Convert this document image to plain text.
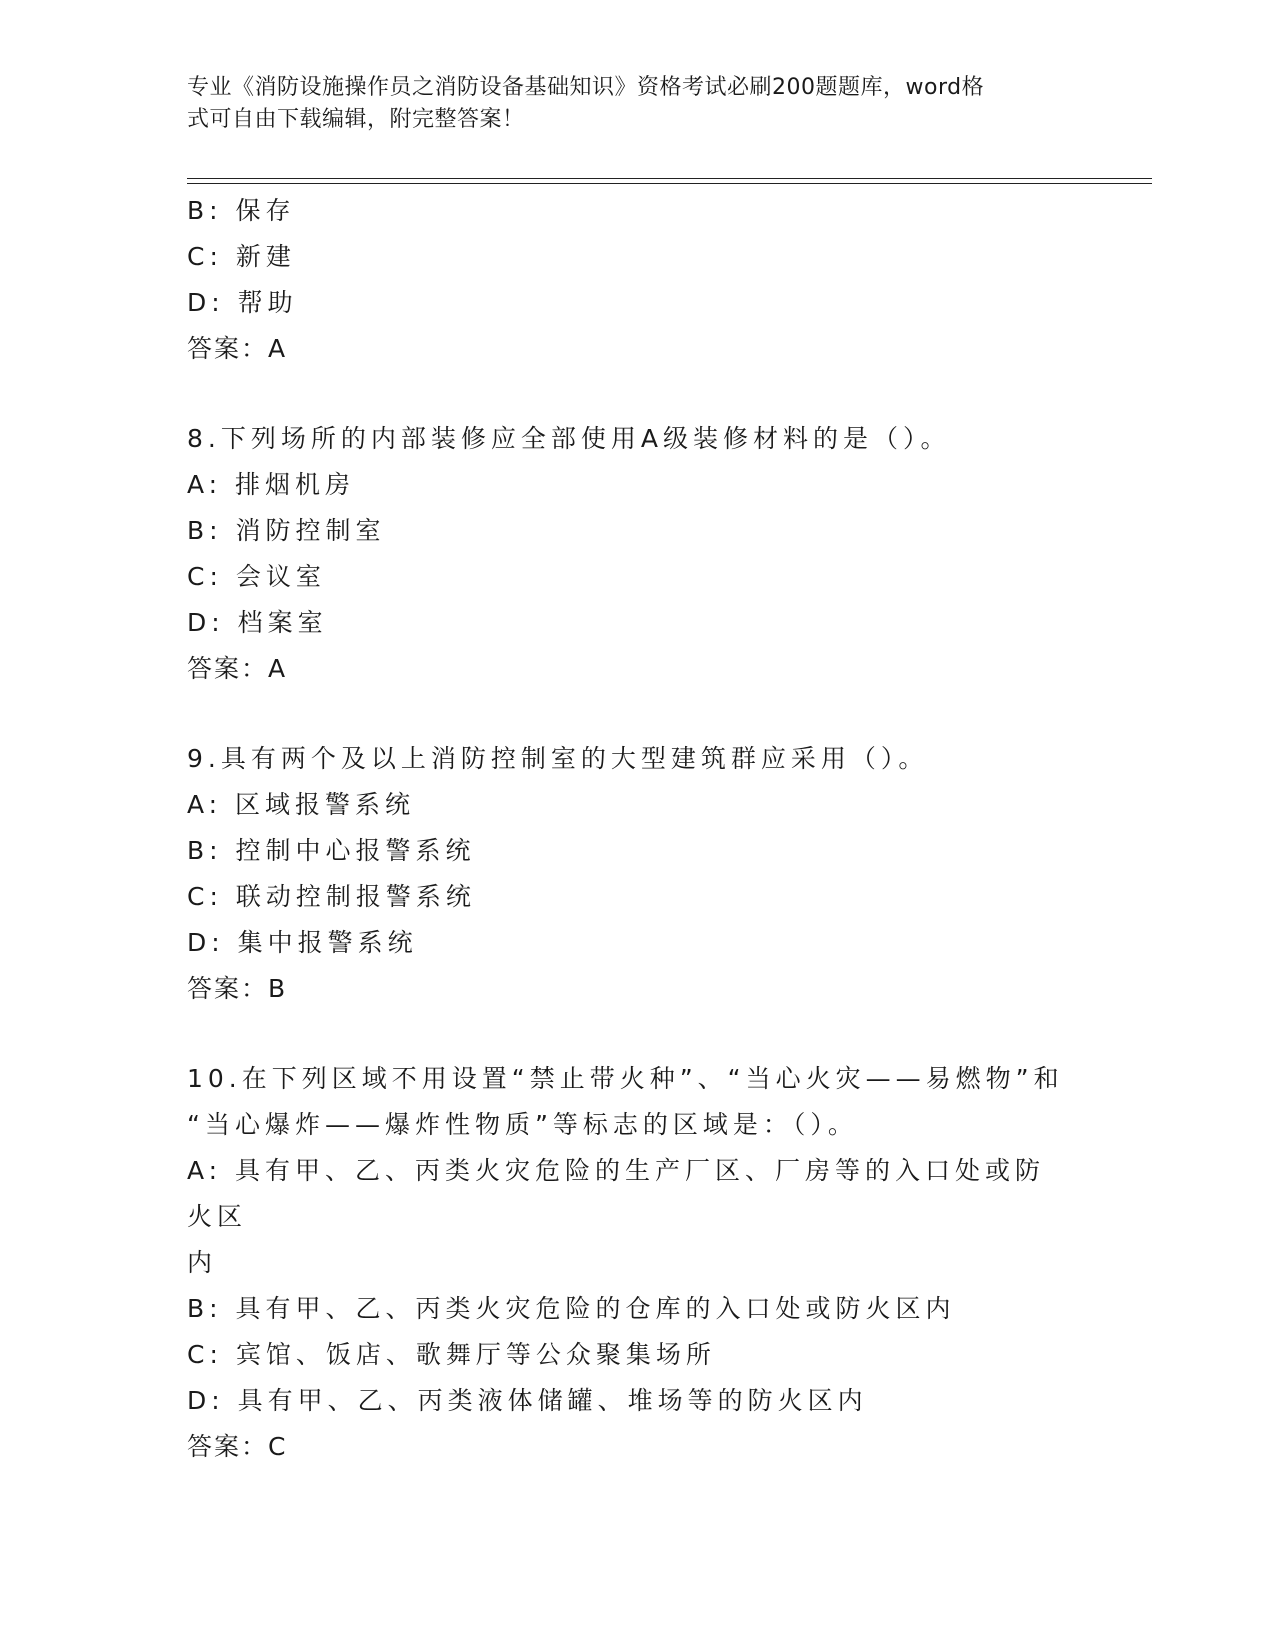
专业《消防设施操作员之消防设备基础知识》资格考试必刷200题题库，word格
式可自由下载编辑，附完整答案！
B: 保存
C: 新建
D: 帮助
答案：A
8.下列场所的内部装修应全部使用A级装修材料的是（）。
A: 排烟机房
B: 消防控制室
C: 会议室
D: 档案室
答案：A
9.具有两个及以上消防控制室的大型建筑群应采用（）。
A: 区域报警系统
B: 控制中心报警系统
C: 联动控制报警系统
D: 集中报警系统
答案：B
10.在下列区域不用设置“禁止带火种”、“当心火灾——易燃物”和
“当心爆炸——爆炸性物质”等标志的区域是：（）。
A: 具有甲、乙、丙类火灾危险的生产厂区、厂房等的入口处或防火区
内
B: 具有甲、乙、丙类火灾危险的仓库的入口处或防火区内
C: 宾馆、饭店、歌舞厅等公众聚集场所
D: 具有甲、乙、丙类液体储罐、堆场等的防火区内
答案：C
